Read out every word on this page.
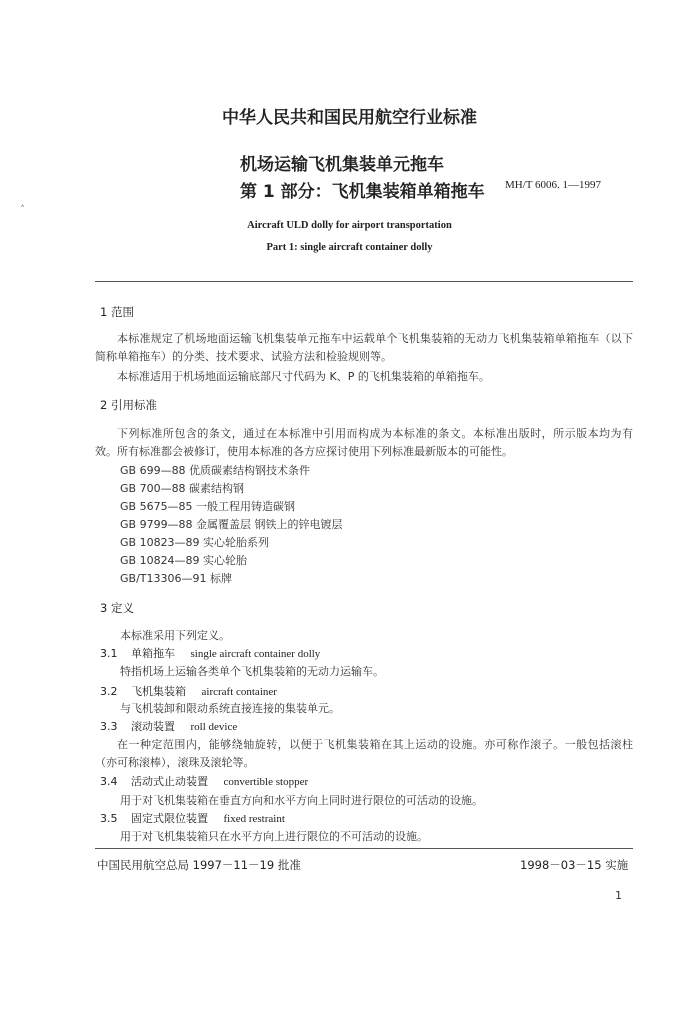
˄
中华人民共和国民用航空行业标准
机场运输飞机集装单元拖车
第 1 部分：飞机集装箱单箱拖车 MH/T 6006. 1—1997
Aircraft ULD dolly for airport transportation
Part 1: single aircraft container dolly
1 范围
本标准规定了机场地面运输飞机集装单元拖车中运载单个飞机集装箱的无动力飞机集装箱单箱拖车（以下简称单箱拖车）的分类、技术要求、试验方法和检验规则等。
本标准适用于机场地面运输底部尺寸代码为 K、P 的飞机集装箱的单箱拖车。
2 引用标准
下列标准所包含的条文，通过在本标准中引用而构成为本标准的条文。本标准出版时，所示版本均为有效。所有标准都会被修订，使用本标准的各方应探讨使用下列标准最新版本的可能性。
GB 699—88 优质碳素结构钢技术条件
GB 700—88 碳素结构钢
GB 5675—85 一般工程用铸造碳钢
GB 9799—88 金属覆盖层 钢铁上的锌电镀层
GB 10823—89 实心轮胎系列
GB 10824—89 实心轮胎
GB/T13306—91 标牌
3 定义
本标准采用下列定义。
3.1 单箱拖车 single aircraft container dolly
特指机场上运输各类单个飞机集装箱的无动力运输车。
3.2 飞机集装箱 aircraft container
与飞机装卸和限动系统直接连接的集装单元。
3.3 滚动装置 roll device
在一种定范围内，能够绕轴旋转，以便于飞机集装箱在其上运动的设施。亦可称作滚子。一般包括滚柱（亦可称滚棒），滚珠及滚轮等。
3.4 活动式止动装置 convertible stopper
用于对飞机集装箱在垂直方向和水平方向上同时进行限位的可活动的设施。
3.5 固定式限位装置 fixed restraint
用于对飞机集装箱只在水平方向上进行限位的不可活动的设施。
中国民用航空总局 1997－11－19 批准	1998－03－15 实施
1
